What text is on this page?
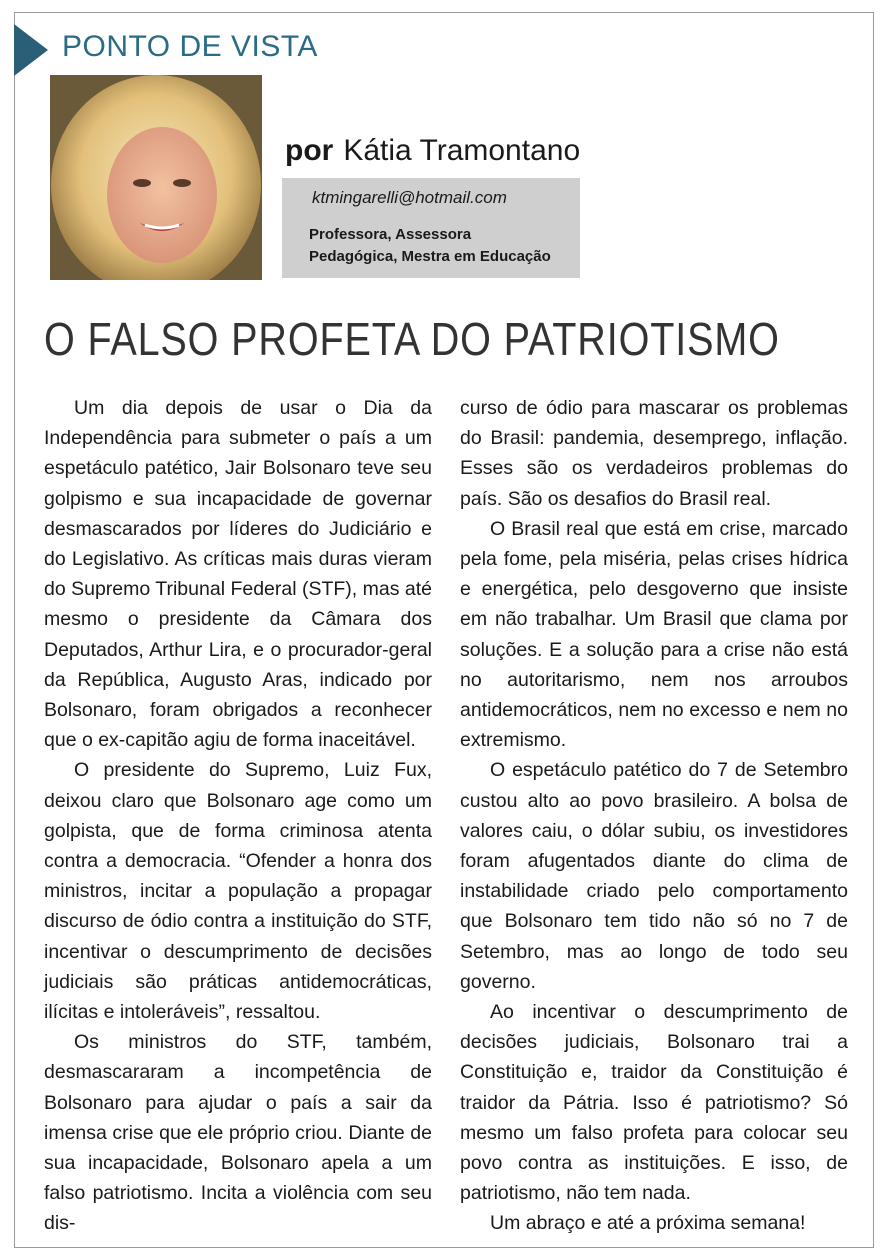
PONTO DE VISTA
por Kátia Tramontano
ktmingarelli@hotmail.com
Professora, Assessora
Pedagógica, Mestra em Educação
O FALSO PROFETA DO PATRIOTISMO

Um dia depois de usar o Dia da Independência para submeter o país a um espetáculo patético, Jair Bolsonaro teve seu golpismo e sua incapacidade de governar desmascarados por líderes do Judiciário e do Legislativo. As críticas mais duras vieram do Supremo Tribunal Federal (STF), mas até mesmo o presidente da Câmara dos Deputados, Arthur Lira, e o procurador-geral da República, Augusto Aras, indicado por Bolsonaro, foram obrigados a reconhecer que o ex-capitão agiu de forma inaceitável.

O presidente do Supremo, Luiz Fux, deixou claro que Bolsonaro age como um golpista, que de forma criminosa atenta contra a democracia. “Ofender a honra dos ministros, incitar a população a propagar discurso de ódio contra a instituição do STF, incentivar o descumprimento de decisões judiciais são práticas antidemocráticas, ilícitas e intoleráveis”, ressaltou.

Os ministros do STF, também, desmascararam a incompetência de Bolsonaro para ajudar o país a sair da imensa crise que ele próprio criou. Diante de sua incapacidade, Bolsonaro apela a um falso patriotismo. Incita a violência com seu dis-

curso de ódio para mascarar os problemas do Brasil: pandemia, desemprego, inflação. Esses são os verdadeiros problemas do país. São os desafios do Brasil real.

O Brasil real que está em crise, marcado pela fome, pela miséria, pelas crises hídrica e energética, pelo desgoverno que insiste em não trabalhar. Um Brasil que clama por soluções. E a solução para a crise não está no autoritarismo, nem nos arroubos antidemocráticos, nem no excesso e nem no extremismo.

O espetáculo patético do 7 de Setembro custou alto ao povo brasileiro. A bolsa de valores caiu, o dólar subiu, os investidores foram afugentados diante do clima de instabilidade criado pelo comportamento que Bolsonaro tem tido não só no 7 de Setembro, mas ao longo de todo seu governo.

Ao incentivar o descumprimento de decisões judiciais, Bolsonaro trai a Constituição e, traidor da Constituição é traidor da Pátria. Isso é patriotismo? Só mesmo um falso profeta para colocar seu povo contra as instituições. E isso, de patriotismo, não tem nada.

Um abraço e até a próxima semana!
